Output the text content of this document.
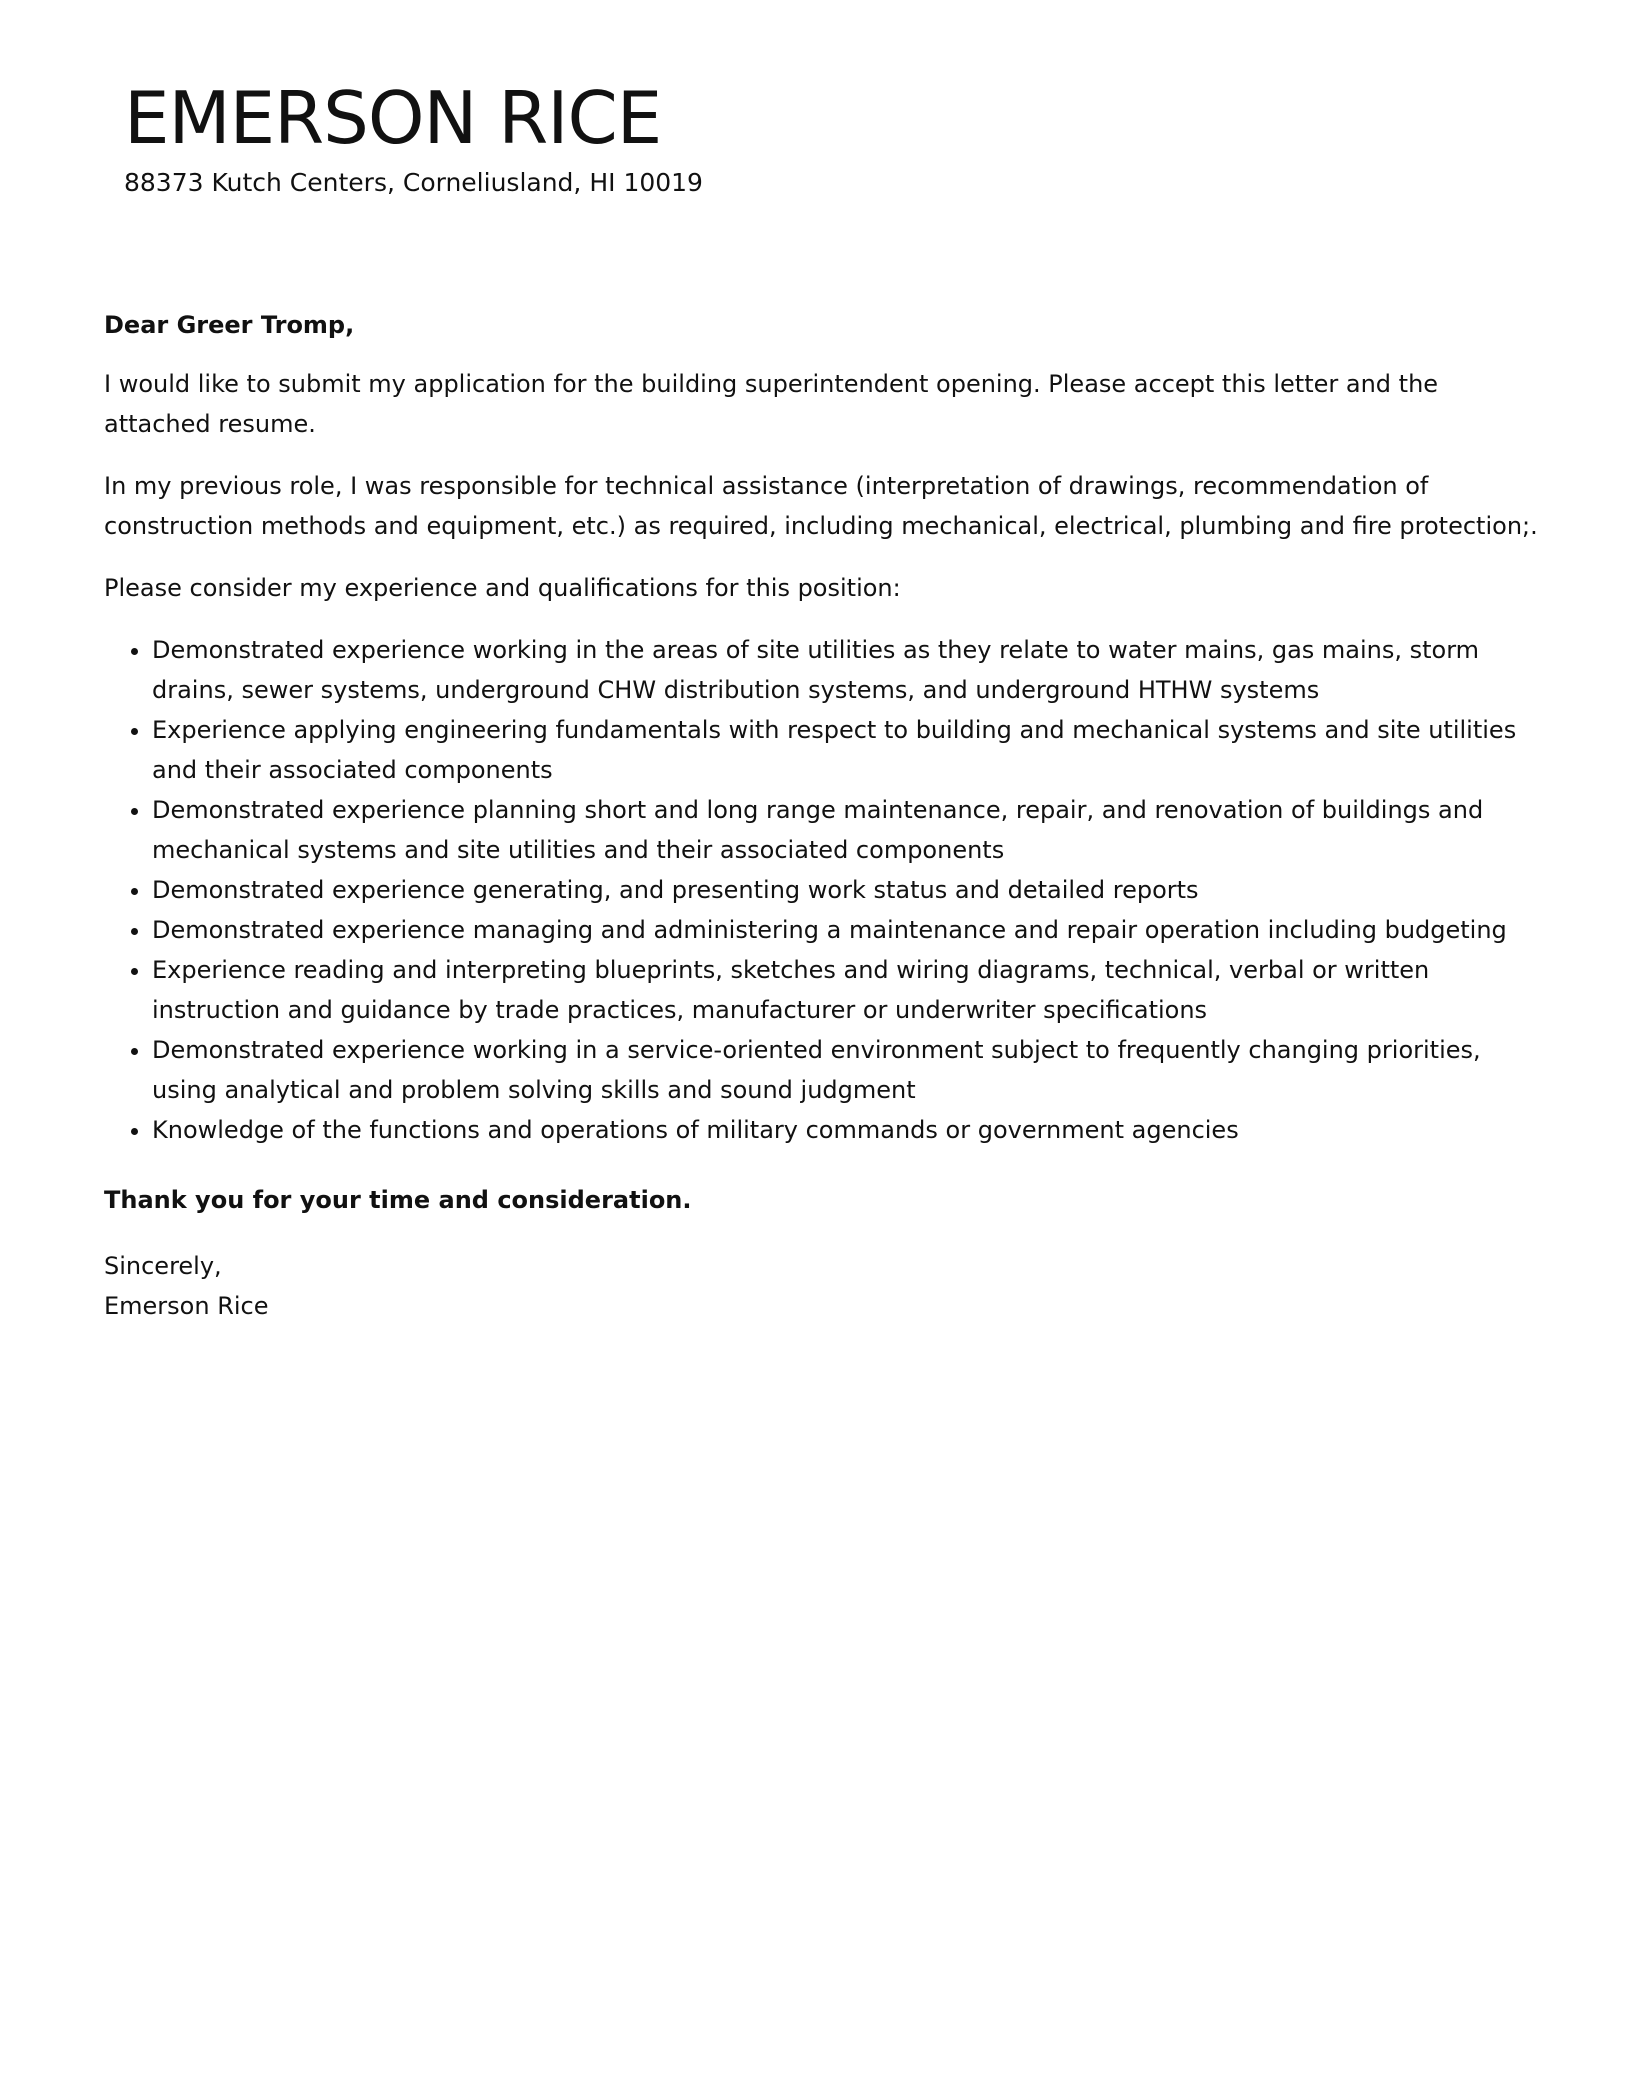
EMERSON RICE
88373 Kutch Centers, Corneliusland, HI 10019

Dear Greer Tromp,

I would like to submit my application for the building superintendent opening. Please accept this letter and the attached resume.

In my previous role, I was responsible for technical assistance (interpretation of drawings, recommendation of construction methods and equipment, etc.) as required, including mechanical, electrical, plumbing and fire protection;.

Please consider my experience and qualifications for this position:

• Demonstrated experience working in the areas of site utilities as they relate to water mains, gas mains, storm drains, sewer systems, underground CHW distribution systems, and underground HTHW systems
• Experience applying engineering fundamentals with respect to building and mechanical systems and site utilities and their associated components
• Demonstrated experience planning short and long range maintenance, repair, and renovation of buildings and mechanical systems and site utilities and their associated components
• Demonstrated experience generating, and presenting work status and detailed reports
• Demonstrated experience managing and administering a maintenance and repair operation including budgeting
• Experience reading and interpreting blueprints, sketches and wiring diagrams, technical, verbal or written instruction and guidance by trade practices, manufacturer or underwriter specifications
• Demonstrated experience working in a service-oriented environment subject to frequently changing priorities, using analytical and problem solving skills and sound judgment
• Knowledge of the functions and operations of military commands or government agencies

Thank you for your time and consideration.

Sincerely,
Emerson Rice
